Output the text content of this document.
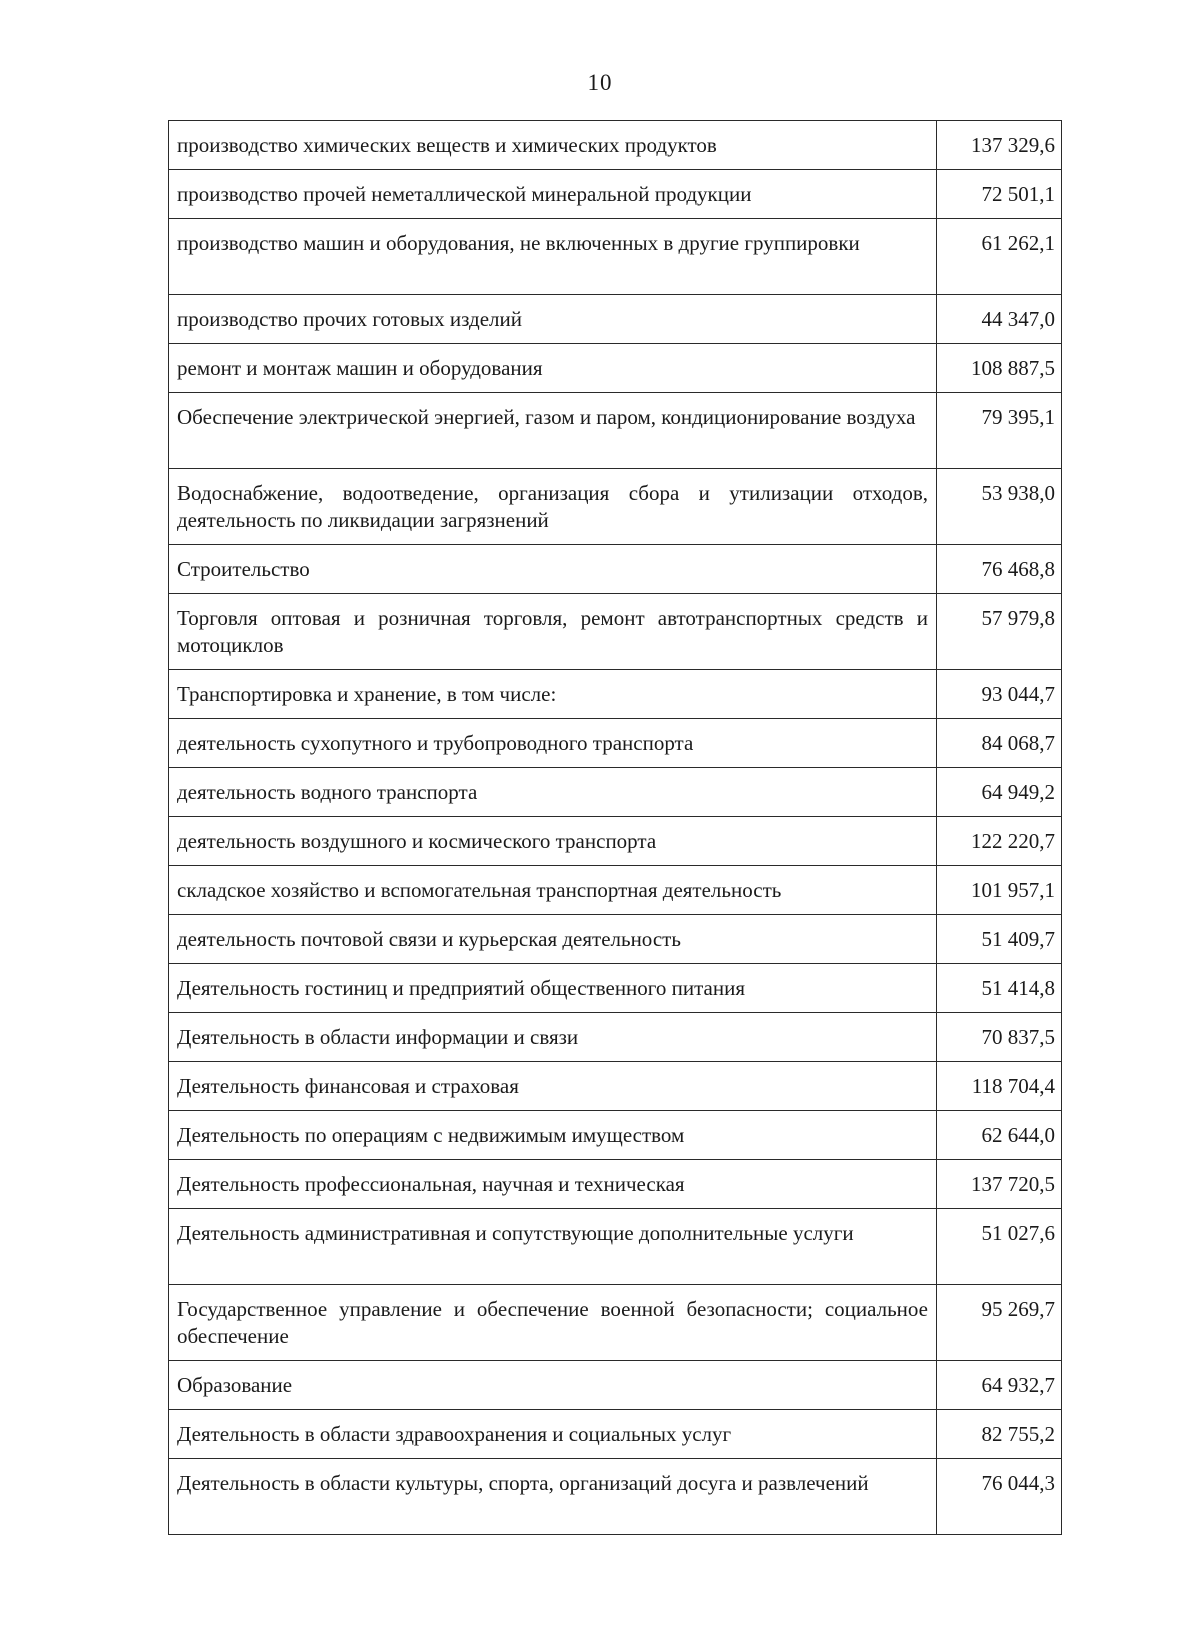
10
производство химических веществ и химических продуктов	137 329,6
производство прочей неметаллической минеральной продукции	72 501,1
производство машин и оборудования, не включенных в другие группировки	61 262,1
производство прочих готовых изделий	44 347,0
ремонт и монтаж машин и оборудования	108 887,5
Обеспечение электрической энергией, газом и паром, кондиционирование воздуха	79 395,1
Водоснабжение, водоотведение, организация сбора и утилизации отходов, деятельность по ликвидации загрязнений	53 938,0
Строительство	76 468,8
Торговля оптовая и розничная торговля, ремонт автотранспортных средств и мотоциклов	57 979,8
Транспортировка и хранение, в том числе:	93 044,7
деятельность сухопутного и трубопроводного транспорта	84 068,7
деятельность водного транспорта	64 949,2
деятельность воздушного и космического транспорта	122 220,7
складское хозяйство и вспомогательная транспортная деятельность	101 957,1
деятельность почтовой связи и курьерская деятельность	51 409,7
Деятельность гостиниц и предприятий общественного питания	51 414,8
Деятельность в области информации и связи	70 837,5
Деятельность финансовая и страховая	118 704,4
Деятельность по операциям с недвижимым имуществом	62 644,0
Деятельность профессиональная, научная и техническая	137 720,5
Деятельность административная и сопутствующие дополнительные услуги	51 027,6
Государственное управление и обеспечение военной безопасности; социальное обеспечение	95 269,7
Образование	64 932,7
Деятельность в области здравоохранения и социальных услуг	82 755,2
Деятельность в области культуры, спорта, организаций досуга и развлечений	76 044,3
